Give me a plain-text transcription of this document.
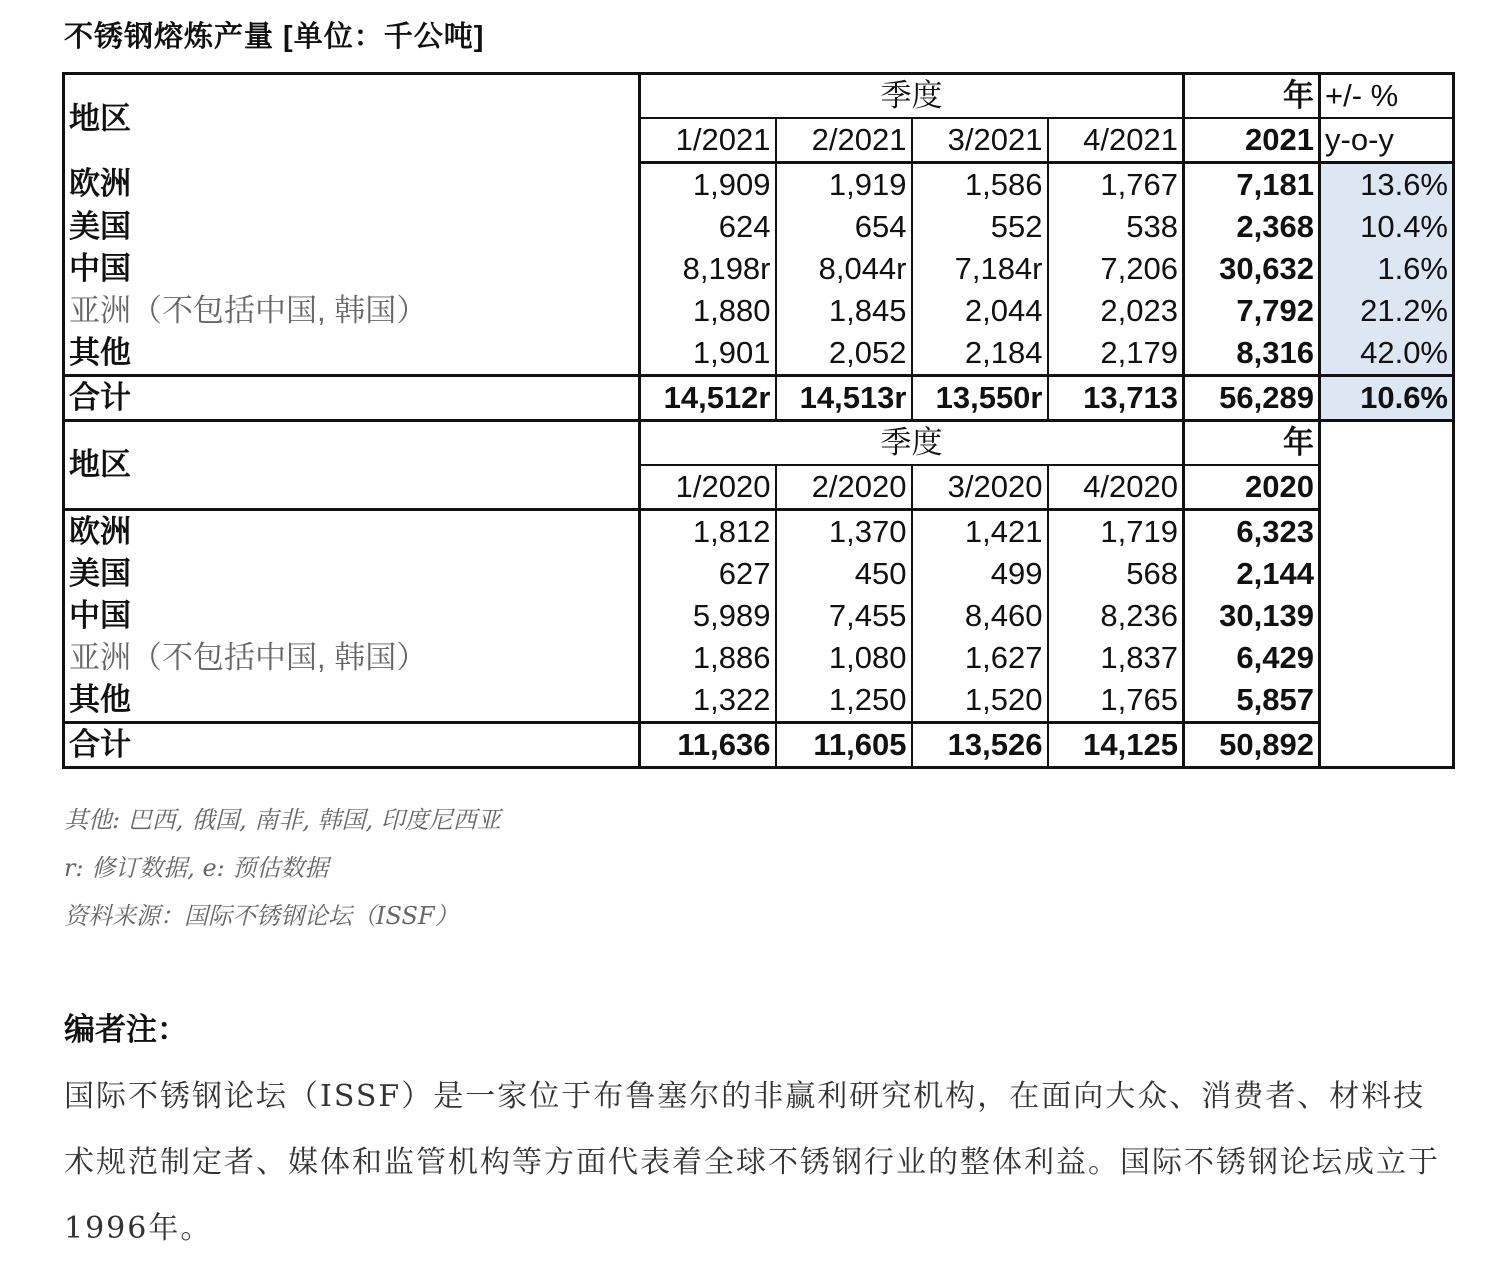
不锈钢熔炼产量 [单位：千公吨]
地区	季度				年	+/- %
	1/2021	2/2021	3/2021	4/2021	2021	y-o-y
欧洲	1,909	1,919	1,586	1,767	7,181	13.6%
美国	624	654	552	538	2,368	10.4%
中国	8,198r	8,044r	7,184r	7,206	30,632	1.6%
亚洲（不包括中国, 韩国）	1,880	1,845	2,044	2,023	7,792	21.2%
其他	1,901	2,052	2,184	2,179	8,316	42.0%
合计	14,512r	14,513r	13,550r	13,713	56,289	10.6%
地区	季度				年	
	1/2020	2/2020	3/2020	4/2020	2020	
欧洲	1,812	1,370	1,421	1,719	6,323	
美国	627	450	499	568	2,144	
中国	5,989	7,455	8,460	8,236	30,139	
亚洲（不包括中国, 韩国）	1,886	1,080	1,627	1,837	6,429	
其他	1,322	1,250	1,520	1,765	5,857	
合计	11,636	11,605	13,526	14,125	50,892	
其他: 巴西, 俄国, 南非, 韩国, 印度尼西亚
r: 修订数据, e: 预估数据
资料来源：国际不锈钢论坛（ISSF）
编者注：
国际不锈钢论坛（ISSF）是一家位于布鲁塞尔的非赢利研究机构，在面向大众、消费者、材料技术规范制定者、媒体和监管机构等方面代表着全球不锈钢行业的整体利益。国际不锈钢论坛成立于1996年。
